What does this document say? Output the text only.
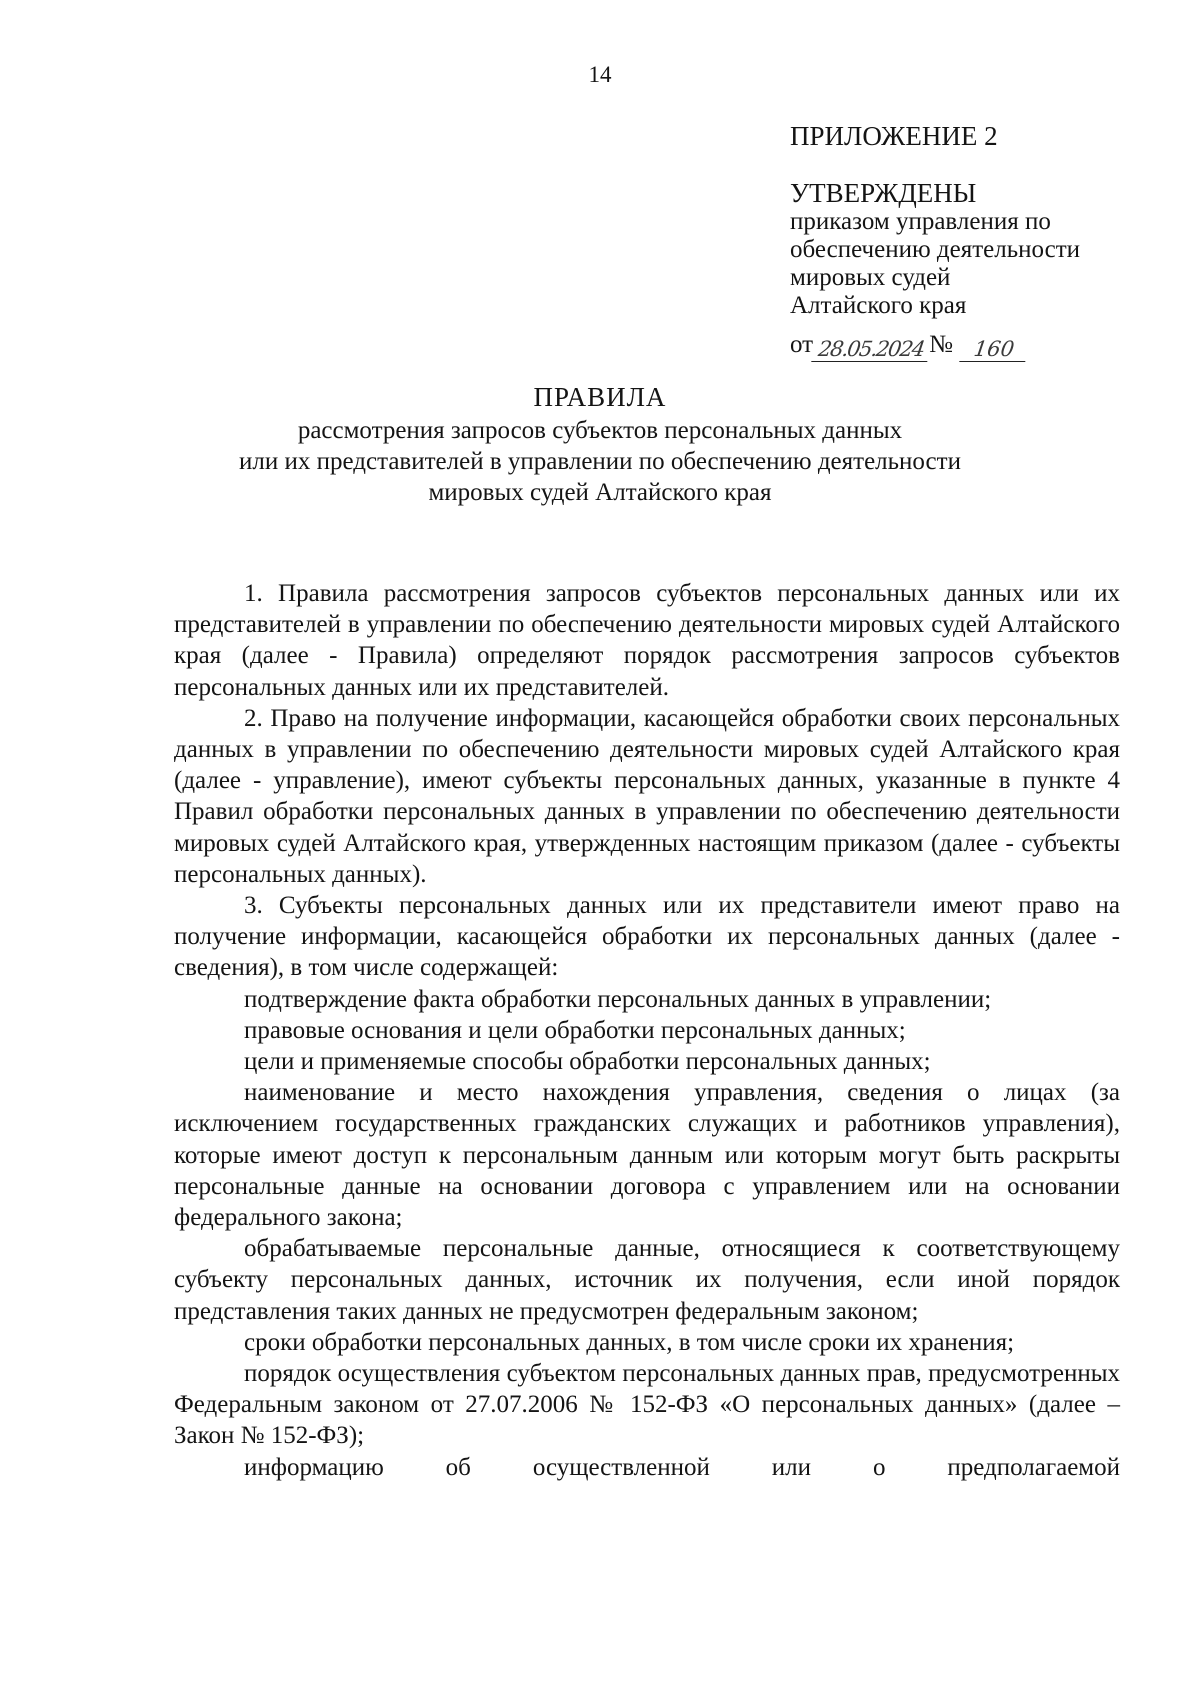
14
ПРИЛОЖЕНИЕ 2
УТВЕРЖДЕНЫ
приказом управления по
обеспечению деятельности
мировых судей
Алтайского края
от 28.05.2024 № 160
ПРАВИЛА
рассмотрения запросов субъектов персональных данных
или их представителей в управлении по обеспечению деятельности
мировых судей Алтайского края

1. Правила рассмотрения запросов субъектов персональных данных или их представителей в управлении по обеспечению деятельности мировых судей Алтайского края (далее - Правила) определяют порядок рассмотрения запросов субъектов персональных данных или их представителей.

2. Право на получение информации, касающейся обработки своих персональных данных в управлении по обеспечению деятельности мировых судей Алтайского края (далее - управление), имеют субъекты персональных данных, указанные в пункте 4 Правил обработки персональных данных в управлении по обеспечению деятельности мировых судей Алтайского края, утвержденных настоящим приказом (далее - субъекты персональных данных).

3. Субъекты персональных данных или их представители имеют право на получение информации, касающейся обработки их персональных данных (далее - сведения), в том числе содержащей:

подтверждение факта обработки персональных данных в управлении;

правовые основания и цели обработки персональных данных;

цели и применяемые способы обработки персональных данных;

наименование и место нахождения управления, сведения о лицах (за исключением государственных гражданских служащих и работников управления), которые имеют доступ к персональным данным или которым могут быть раскрыты персональные данные на основании договора с управлением или на основании федерального закона;

обрабатываемые персональные данные, относящиеся к соответствующему субъекту персональных данных, источник их получения, если иной порядок представления таких данных не предусмотрен федеральным законом;

сроки обработки персональных данных, в том числе сроки их хранения;

порядок осуществления субъектом персональных данных прав, предусмотренных Федеральным законом от 27.07.2006 № 152-ФЗ «О персональных данных» (далее – Закон № 152-ФЗ);

информацию об осуществленной или о предполагаемой
